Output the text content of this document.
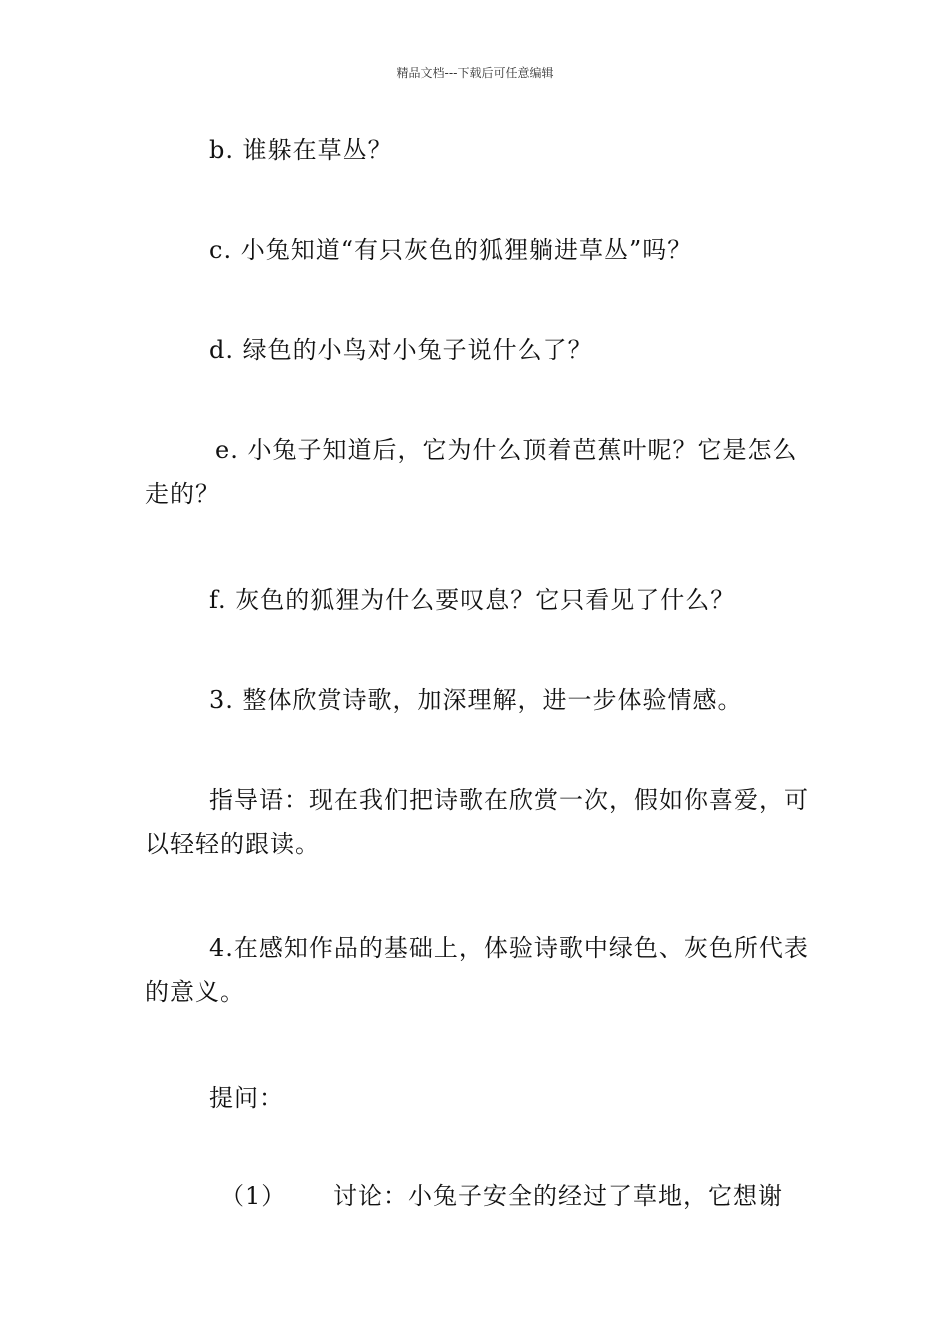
精品文档---下载后可任意编辑

b. 谁躲在草丛？

c. 小兔知道“有只灰色的狐狸躺进草丛”吗？

d. 绿色的小鸟对小兔子说什么了？

e. 小兔子知道后，它为什么顶着芭蕉叶呢？它是怎么走的？

f. 灰色的狐狸为什么要叹息？它只看见了什么？

3. 整体欣赏诗歌，加深理解，进一步体验情感。

指导语：现在我们把诗歌在欣赏一次，假如你喜爱，可以轻轻的跟读。

4.在感知作品的基础上，体验诗歌中绿色、灰色所代表的意义。

提问：

（1） 讨论：小兔子安全的经过了草地，它想谢
